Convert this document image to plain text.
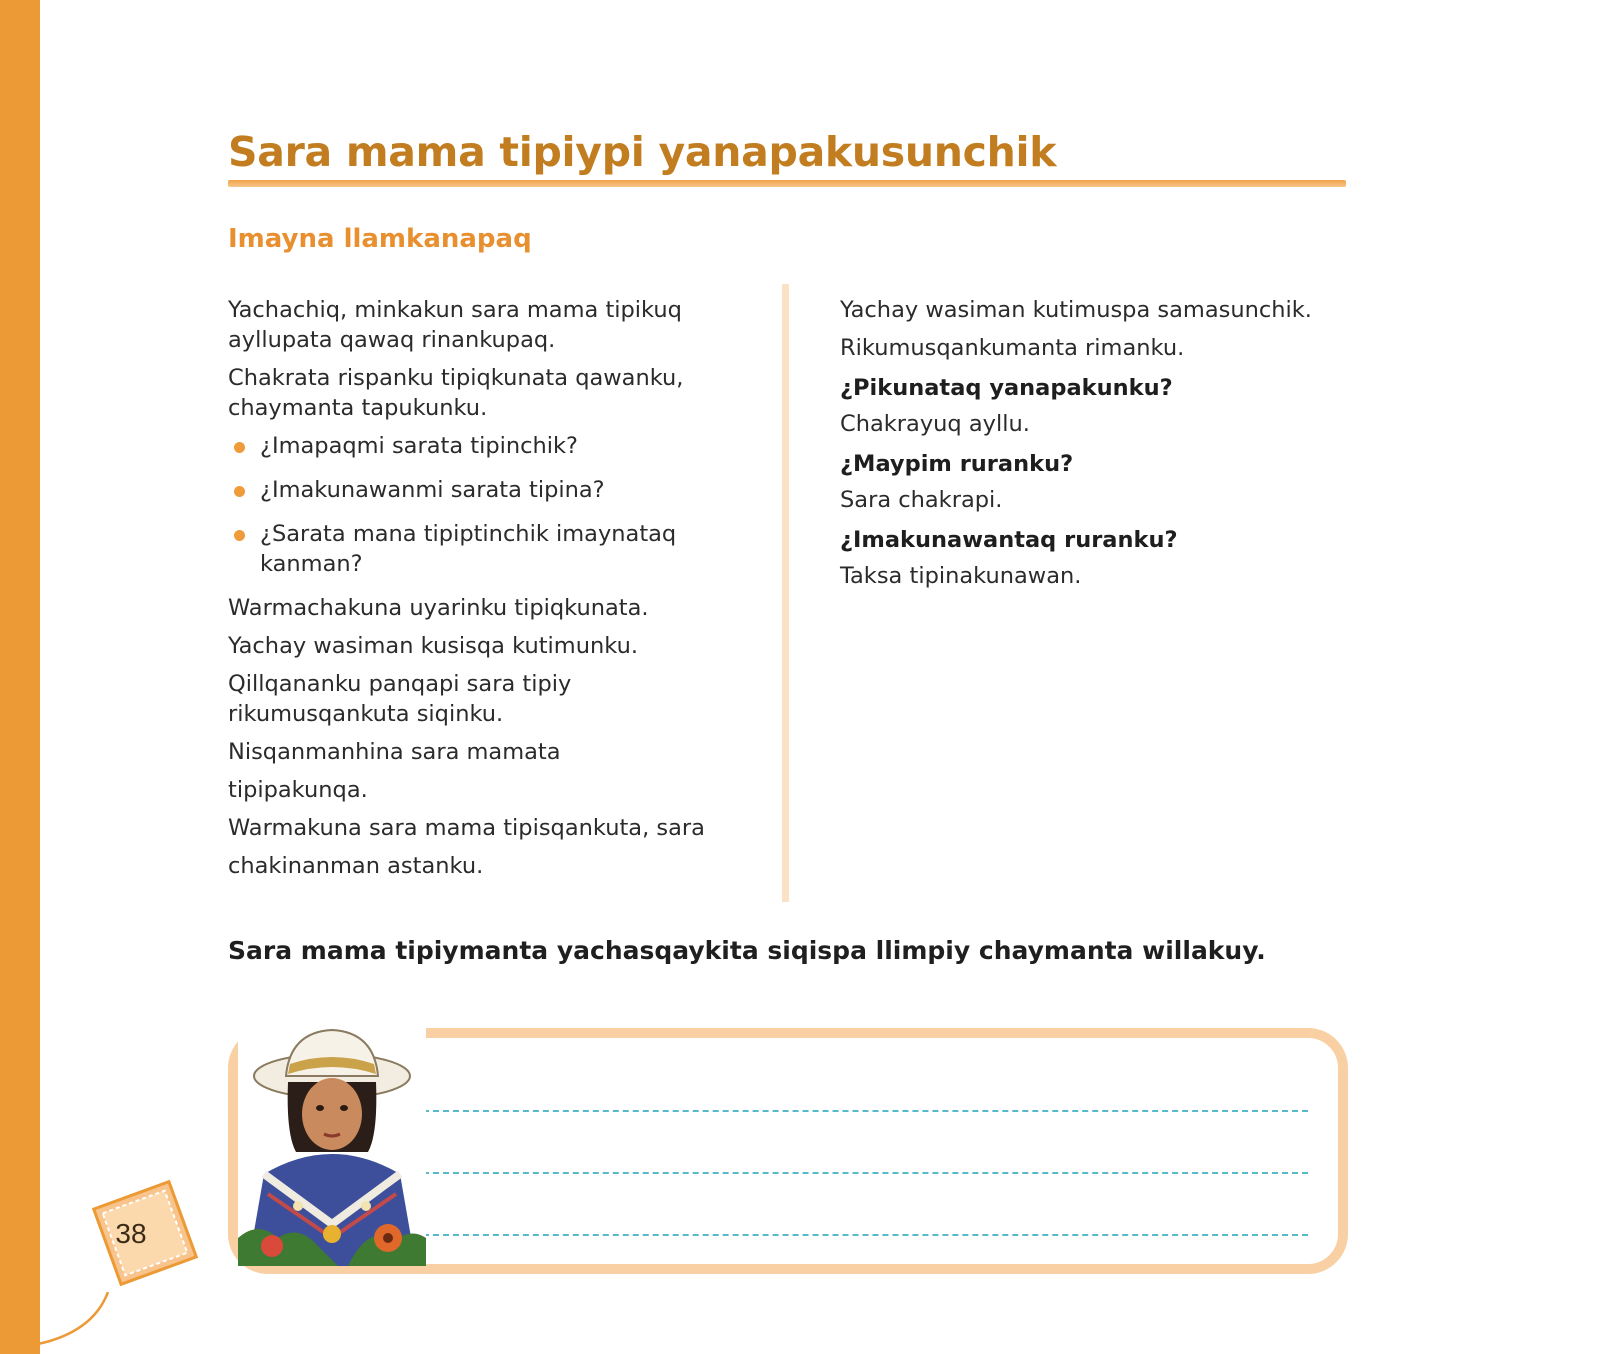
Sara mama tipiypi yanapakusunchik
Imayna llamkanapaq

Yachachiq, minkakun sara mama tipikuq ayllupata qawaq rinankupaq.

Chakrata rispanku tipiqkunata qawanku, chaymanta tapukunku.

¿Imapaqmi sarata tipinchik?
¿Imakunawanmi sarata tipina?
¿Sarata mana tipiptinchik imaynataq kanman?

Warmachakuna uyarinku tipiqkunata.

Yachay wasiman kusisqa kutimunku.

Qillqananku panqapi sara tipiy rikumusqankuta siqinku.

Nisqanmanhina sara mamata

tipipakunqa.

Warmakuna sara mama tipisqankuta, sara

chakinanman astanku.

Yachay wasiman kutimuspa samasunchik.

Rikumusqankumanta rimanku.

¿Pikunataq yanapakunku?

Chakrayuq ayllu.

¿Maypim ruranku?

Sara chakrapi.

¿Imakunawantaq ruranku?

Taksa tipinakunawan.

Sara mama tipiymanta yachasqaykita siqispa llimpiy chaymanta willakuy.

38
